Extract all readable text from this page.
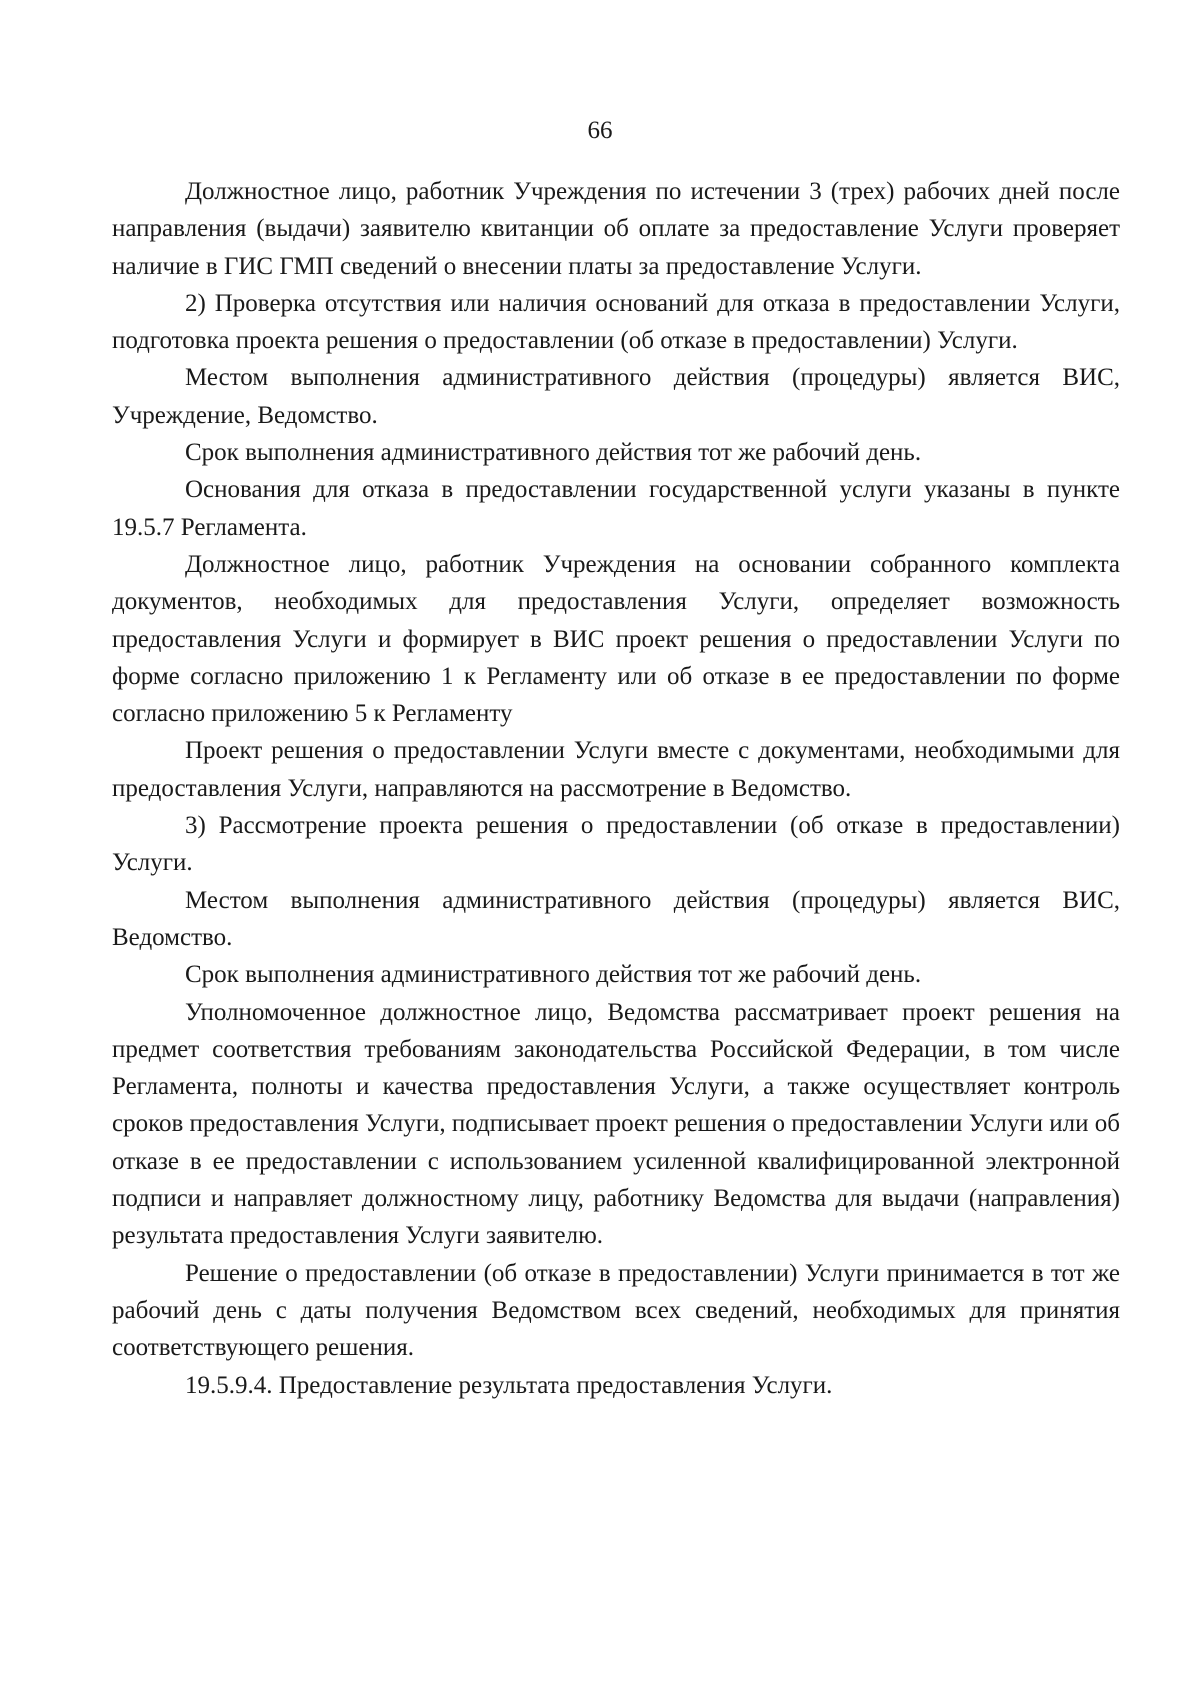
66

Должностное лицо, работник Учреждения по истечении 3 (трех) рабочих дней после направления (выдачи) заявителю квитанции об оплате за предоставление Услуги проверяет наличие в ГИС ГМП сведений о внесении платы за предоставление Услуги.

2) Проверка отсутствия или наличия оснований для отказа в предоставлении Услуги, подготовка проекта решения о предоставлении (об отказе в предоставлении) Услуги.

Местом выполнения административного действия (процедуры) является ВИС, Учреждение, Ведомство.

Срок выполнения административного действия тот же рабочий день.

Основания для отказа в предоставлении государственной услуги указаны в пункте 19.5.7 Регламента.

Должностное лицо, работник Учреждения на основании собранного комплекта документов, необходимых для предоставления Услуги, определяет возможность предоставления Услуги и формирует в ВИС проект решения о предоставлении Услуги по форме согласно приложению 1 к Регламенту или об отказе в ее предоставлении по форме согласно приложению 5 к Регламенту

Проект решения о предоставлении Услуги вместе с документами, необходимыми для предоставления Услуги, направляются на рассмотрение в Ведомство.

3) Рассмотрение проекта решения о предоставлении (об отказе в предоставлении) Услуги.

Местом выполнения административного действия (процедуры) является ВИС, Ведомство.

Срок выполнения административного действия тот же рабочий день.

Уполномоченное должностное лицо, Ведомства рассматривает проект решения на предмет соответствия требованиям законодательства Российской Федерации, в том числе Регламента, полноты и качества предоставления Услуги, а также осуществляет контроль сроков предоставления Услуги, подписывает проект решения о предоставлении Услуги или об отказе в ее предоставлении с использованием усиленной квалифицированной электронной подписи и направляет должностному лицу, работнику Ведомства для выдачи (направления) результата предоставления Услуги заявителю.

Решение о предоставлении (об отказе в предоставлении) Услуги принимается в тот же рабочий день с даты получения Ведомством всех сведений, необходимых для принятия соответствующего решения.

19.5.9.4. Предоставление результата предоставления Услуги.
